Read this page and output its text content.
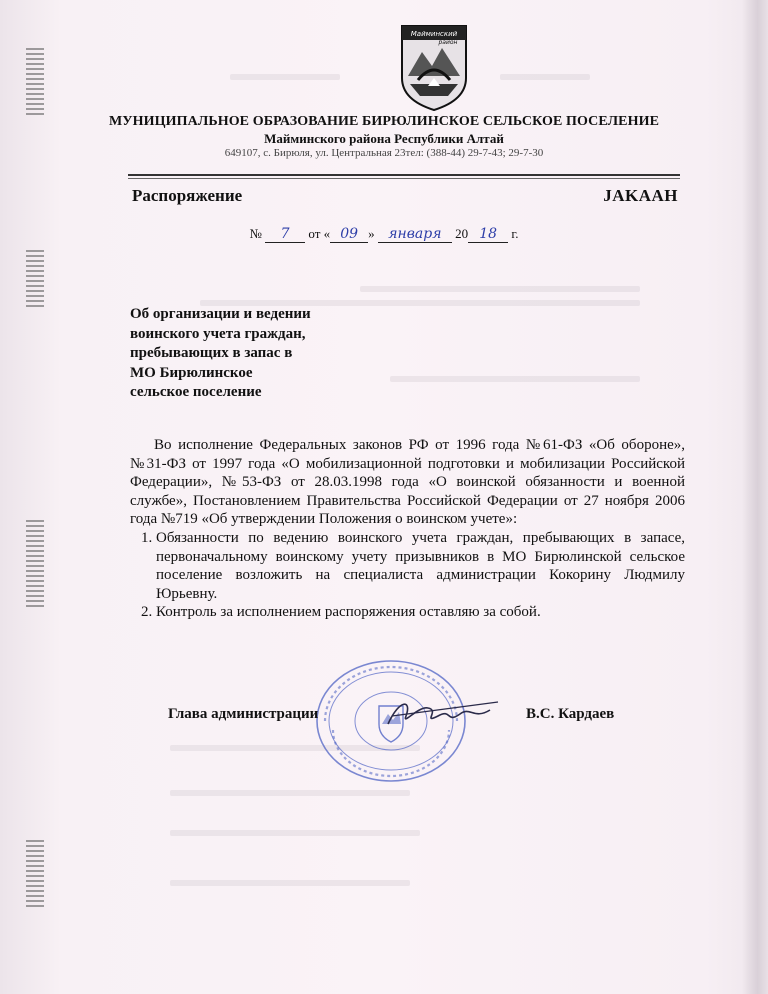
Майминский
район
МУНИЦИПАЛЬНОЕ ОБРАЗОВАНИЕ БИРЮЛИНСКОЕ СЕЛЬСКОЕ ПОСЕЛЕНИЕ
Майминского района Республики Алтай
649107, с. Бирюля, ул. Центральная 23тел: (388-44) 29-7-43; 29-7-30
Распоряжение	JAKAAH
№ 7 от « 09 » января 20 18 г.
Об организации и ведении
воинского учета граждан,
пребывающих в запас в
МО Бирюлинское
сельское поселение

Во исполнение Федеральных законов РФ от 1996 года №61-ФЗ «Об обороне», №31-ФЗ от 1997 года «О мобилизационной подготовки и мобилизации Российской Федерации», №53-ФЗ от 28.03.1998 года «О воинской обязанности и военной службе», Постановлением Правительства Российской Федерации от 27 ноября 2006 года №719 «Об утверждении Положения о воинском учете»:

1. Обязанности по ведению воинского учета граждан, пребывающих в запасе, первоначальному воинскому учету призывников в МО Бирюлинской сельское поселение возложить на специалиста администрации Кокорину Людмилу Юрьевну.
2. Контроль за исполнением распоряжения оставляю за собой.
Глава администрации	В.С. Кардаев
